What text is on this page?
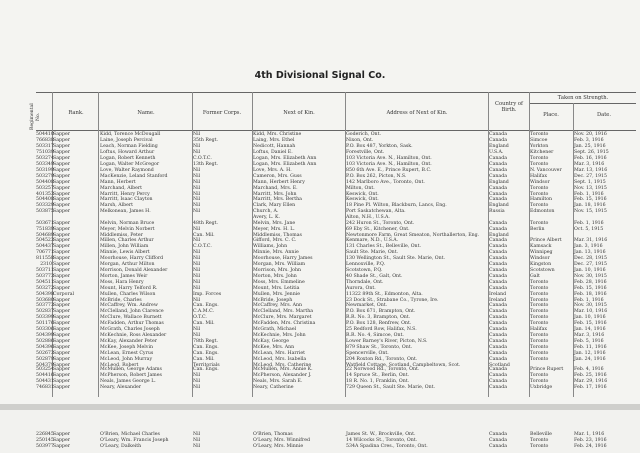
4th Divisional Signal Co.
Regimental No.	Rank.	Name.	Former Corps.	Next of Kin.	Address of Next of Kin.
Country of Birth.
Taken on Strength.
Place.	Date.
504410 Sapper	Kidd, Torence McDougall	Nil	Kidd, Mrs. Christine	Goderich, Ont.	Canada	Toronto	Nov. 20, 1916
766838 Sapper	Laine, Joseph Percival	35th Regt.	Laing, Mrs. Ethel	Nixon, Ont.	Canada	Simcoe	Feb. 3, 1916
503317 Sapper	Leach, Norman Fielding	Nil	Nedicott, Hannah	P.O. Box 487, Yorkton, Sask.	England	Yorkton	Jan. 25, 1916
751039 Sapper	Loftus, Howard Arthur	Nil	Loftus, Daniel E.	Forestville, Ont.	U.S.A.	Kitchener	Sept. 26, 1915
503274 Sapper	Logan, Robert Kenneth	C.O.T.C.	Logan, Mrs. Elizabeth Ann	103 Victoria Ave. N., Hamilton, Ont.	Canada	Toronto	Feb. 16, 1916
503349 Sapper	Logan, Walter McGregor	13th Regt.	Logan, Mrs. Elizabeth Ann	103 Victoria Ave. N., Hamilton, Ont.	Canada	Toronto	Mar. 3, 1916
503199 Sapper	Love, Walter Raymond	Nil	Love, Mrs. A. H.	850 6th Ave. E., Prince Rupert, B.C.	Canada	N. Vancouver	Mar. 13, 1916
503279 Sapper	MacKenzie, Leland Stanford	Nil	Cameron, Mrs. Guss	P.O. Box 262, Picton, N.S.	Canada	Halifax	Dec. 27, 1915
504408 Sapper	Mann, Herbert	Nil	Mann, Herbert Henry	142 Marlboro Ave., Toronto, Ont.	England	Windsor	Sept. 1, 1915
503257 Sapper	Marchand, Albert	Nil	Marchand, Mrs. E.	Milton, Ont.	Canada	Toronto	Nov. 13, 1915
401353 Sapper	Marritt, Henry Percy	Nil	Marritt, Mrs. John	Keswick, Ont.	Canada	Toronto	Feb. 1, 1916
504408 Sapper	Marritt, Isaac Clayton	Nil	Marritt, Mrs. Bertha	Keswick, Ont.	Canada	Hamilton	Feb. 15, 1916
503329 Sapper	Marsh, Albert	Nil	Clark, Mary Ellen	18 Pine Pl. Wilton, Blackburn, Lancs, Eng.	England	Toronto	Jan. 18, 1916
503875 Sapper	Melkonean, James H.	Nil	Church, A.	Port Saskatchewan, Alta.	Russia	Edmonton	Nov. 15, 1915
Avery, L. K.	Alton, N.H., U.S.A.
503671 Sapper	Melvin, Norman Bruce	48th Regt.	Melvin, Mrs. Jane	242 Huron St., Toronto, Ont.	Canada	Toronto	Feb. 1, 1916
751839 Sapper	Meyer, Melvin Norbert	Nil	Meyer, Mrs. H. L.	69 Eby St., Kitchener, Ont.	Canada	Berlin	Oct. 5, 1915
504689 Sapper	Middlemiss, Peter	Can. Mil.	Middlemiss, Thomas	Newtonmore Farm, Great Smeaton, Northallerton, Eng.	England
504523 Sapper	Millen, Charles Arthur	Nil	Gifford, Mrs. C. C.	Kenmare, N.D., U.S.A.	Canada	Prince Albert	Mar. 31, 1916
504437 Sapper	Millen, John William	C.O.T.C.	Williams, John	131 Charles St., Belleville, Ont.	Canada	Kamsack	Jan. 3, 1916
706771 Sapper	Minnie, Lewis Albert	Nil	Minnie, Mrs. Annie	Sault Ste. Marie, Ont.	Canada	Winnipeg	Jan. 13, 1916
811558 Sapper	Moorhouse, Harry Clifford	Nil	Moorhouse, Harry James	130 Wellington St., Sault Ste. Marie, Ont.	Canada	Windsor	Dec. 28, 1915
2310 Sapper	Morgan, Arthur Milton	Nil	Morgan, Mrs. William	Lennoxville, P.Q.	Canada	Kingston	Dec. 27, 1915
503711 Sapper	Morrison, Donald Alexander	Nil	Morrison, Mrs. John	Scotstown, P.Q.	Canada	Scotstown	Jan. 10, 1916
503773 Sapper	Morton, James Weir	Nil	Morton, Mrs. John	40 Shade St., Galt, Ont.	Canada	Galt	Nov. 30, 1915
504511 Sapper	Moss, Hara Henry	Nil	Moss, Mrs. Emmeline	Thorndale, Ont.	Canada	Toronto	Feb. 28, 1916
503272 Sapper	Mount, Harry Telford R.	Nil	Mount, Mrs. Letitia	Aurora, Ont.	Canada	Toronto	Feb. 15, 1916
504398 Corporal	Mullen, Charles Wilson	Imp. Forces	Mullen, Mrs. Jennie	11322 89th St., Edmonton, Alta.	Ireland	Toronto	Feb. 18, 1916
503680 Sapper	McBride, Charles	Nil	McBride, Joseph	23 Dock St., Strabane Co., Tyrone, Ire.	Ireland	Toronto	Feb. 1, 1916
503773 Sapper	McCaffrey, Wm. Andrew	Can. Engs.	McCaffrey, Mrs. Ann	Newmarket, Ont.	Canada	Toronto	Nov. 30, 1915
502837 Sapper	McClelland, John Clarence	C.A.M.C.	McClelland, Mrs. Martha	P.O. Box 671, Brampton, Ont.	Canada	Toronto	Mar. 10, 1916
503399 Sapper	McClure, Wallace Burnett	O.T.C.	McClure, Mrs. Margaret	R.R. No. 3, Brampton, Ont.	Canada	Toronto	Jan. 10, 1916
501176 Sapper	McFadden, Arthur Thomas	Can. Mil.	McFadden, Mrs. Christina	P.O. Box 128, Renfrew, Ont.	Canada	Toronto	Feb. 15, 1916
503306 Sapper	McGrath, Charles Joseph	Nil	McGrath, Michael	25 Redford Row, Halifax, N.S.	Canada	Halifax	Jan. 14, 1916
504399 Sapper	McKechnie, Ross Alexander	Nil	McKechnie, Mrs. John	R.R. No. 4, Simcoe, Ont.	Canada	Toronto	Mar. 3, 1916
502886 Sapper	McKay, Alexander Peter	78th Regt.	McKay, George	Lower Barney's River, Picton, N.S.	Canada	Toronto	Feb. 5, 1916
504396 Sapper	McKee, Joseph Melvin	Can. Engs.	McKee, Mrs. Ann	879 Shaw St., Toronto, Ont.	Canada	Toronto	Feb. 11, 1916
502673 Sapper	McLean, Ernest Cyrus	Can. Engs.	McLean, Mrs. Harriet	Spencerville, Ont.	Canada	Toronto	Jan. 12, 1916
502879 Sapper	McLeod, John Murray	Can. Mil.	McLeod, Mrs. Isabella	204 Roxton Rd., Toronto, Ont.	Canada	Toronto	Jan. 24, 1916
504379 Sapper	McLeod, Robert	Territorials	McLeod, Mrs. Catherine	Watfield Cottage, Scotland, Campbeltown, Scot.	Scotland
503254 Sapper	McMullen, George Adams	Can. Engs.	McMullen, Mrs. Annie K.	22 Norwood Rd., Toronto, Ont.	Canada	Prince Rupert	Feb. 4, 1916
504416 Sapper	McPherson, Robert James	Nil	McPherson, Alexander J.	14 Spruce St., Berlin, Ont.	Canada	Toronto	Feb. 25, 1916
504431 Sapper	Neals, James George L.	Nil	Neals, Mrs. Sarah E.	18 R. No. 1, Franklin, Ont.	Canada	Toronto	Mar. 29, 1916
746831 Sapper	Neary, Alexander	Nil	Neary, Catherine	729 Queen St., Sault Ste. Marie, Ont.	Canada	Uxbridge	Feb. 17, 1916
226845 Sapper	O'Brien, Michael Charles	Nil	O'Brien, Thomas	James St. W., Brockville, Ont.	Canada	Belleville	Mar. 1, 1916
250145 Sapper	O'Leary, Wm. Francis Joseph	Nil	O'Leary, Mrs. Winnifred	14 Wilcocks St., Toronto, Ont.	Canada	Toronto	Feb. 23, 1916
503977 Sapper	O'Leary, Dalkeith	Nil	O'Leary, Mrs. Minnie	534A Spadina Cres., Toronto, Ont.	Canada	Toronto	Feb. 24, 1916
